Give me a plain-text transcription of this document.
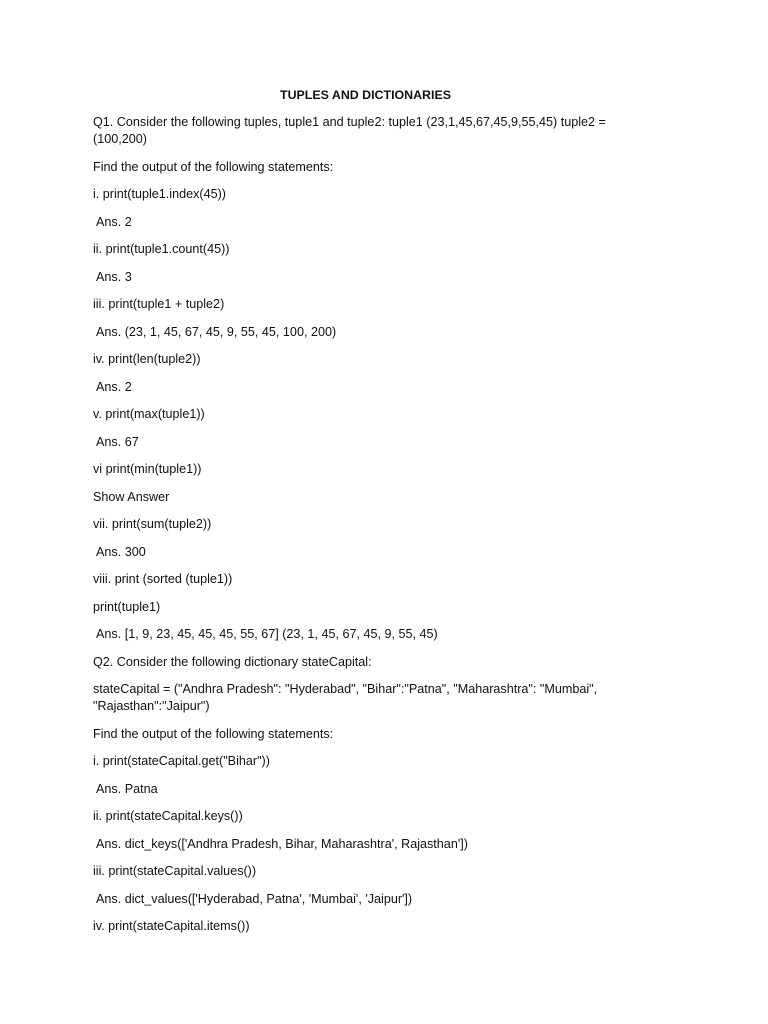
TUPLES AND DICTIONARIES

Q1. Consider the following tuples, tuple1 and tuple2: tuple1 (23,1,45,67,45,9,55,45) tuple2 = (100,200)

Find the output of the following statements:

i. print(tuple1.index(45))

Ans. 2

ii. print(tuple1.count(45))

Ans. 3

iii. print(tuple1 + tuple2)

Ans. (23, 1, 45, 67, 45, 9, 55, 45, 100, 200)

iv. print(len(tuple2))

Ans. 2

v. print(max(tuple1))

Ans. 67

vi print(min(tuple1))

Show Answer

vii. print(sum(tuple2))

Ans. 300

viii. print (sorted (tuple1))

print(tuple1)

Ans. [1, 9, 23, 45, 45, 45, 55, 67] (23, 1, 45, 67, 45, 9, 55, 45)

Q2. Consider the following dictionary stateCapital:

stateCapital = ("Andhra Pradesh": "Hyderabad", "Bihar":"Patna", "Maharashtra": "Mumbai", "Rajasthan":"Jaipur")

Find the output of the following statements:

i. print(stateCapital.get("Bihar"))

Ans. Patna

ii. print(stateCapital.keys())

Ans. dict_keys(['Andhra Pradesh, Bihar, Maharashtra', Rajasthan'])

iii. print(stateCapital.values())

Ans. dict_values(['Hyderabad, Patna', 'Mumbai', 'Jaipur'])

iv. print(stateCapital.items())
